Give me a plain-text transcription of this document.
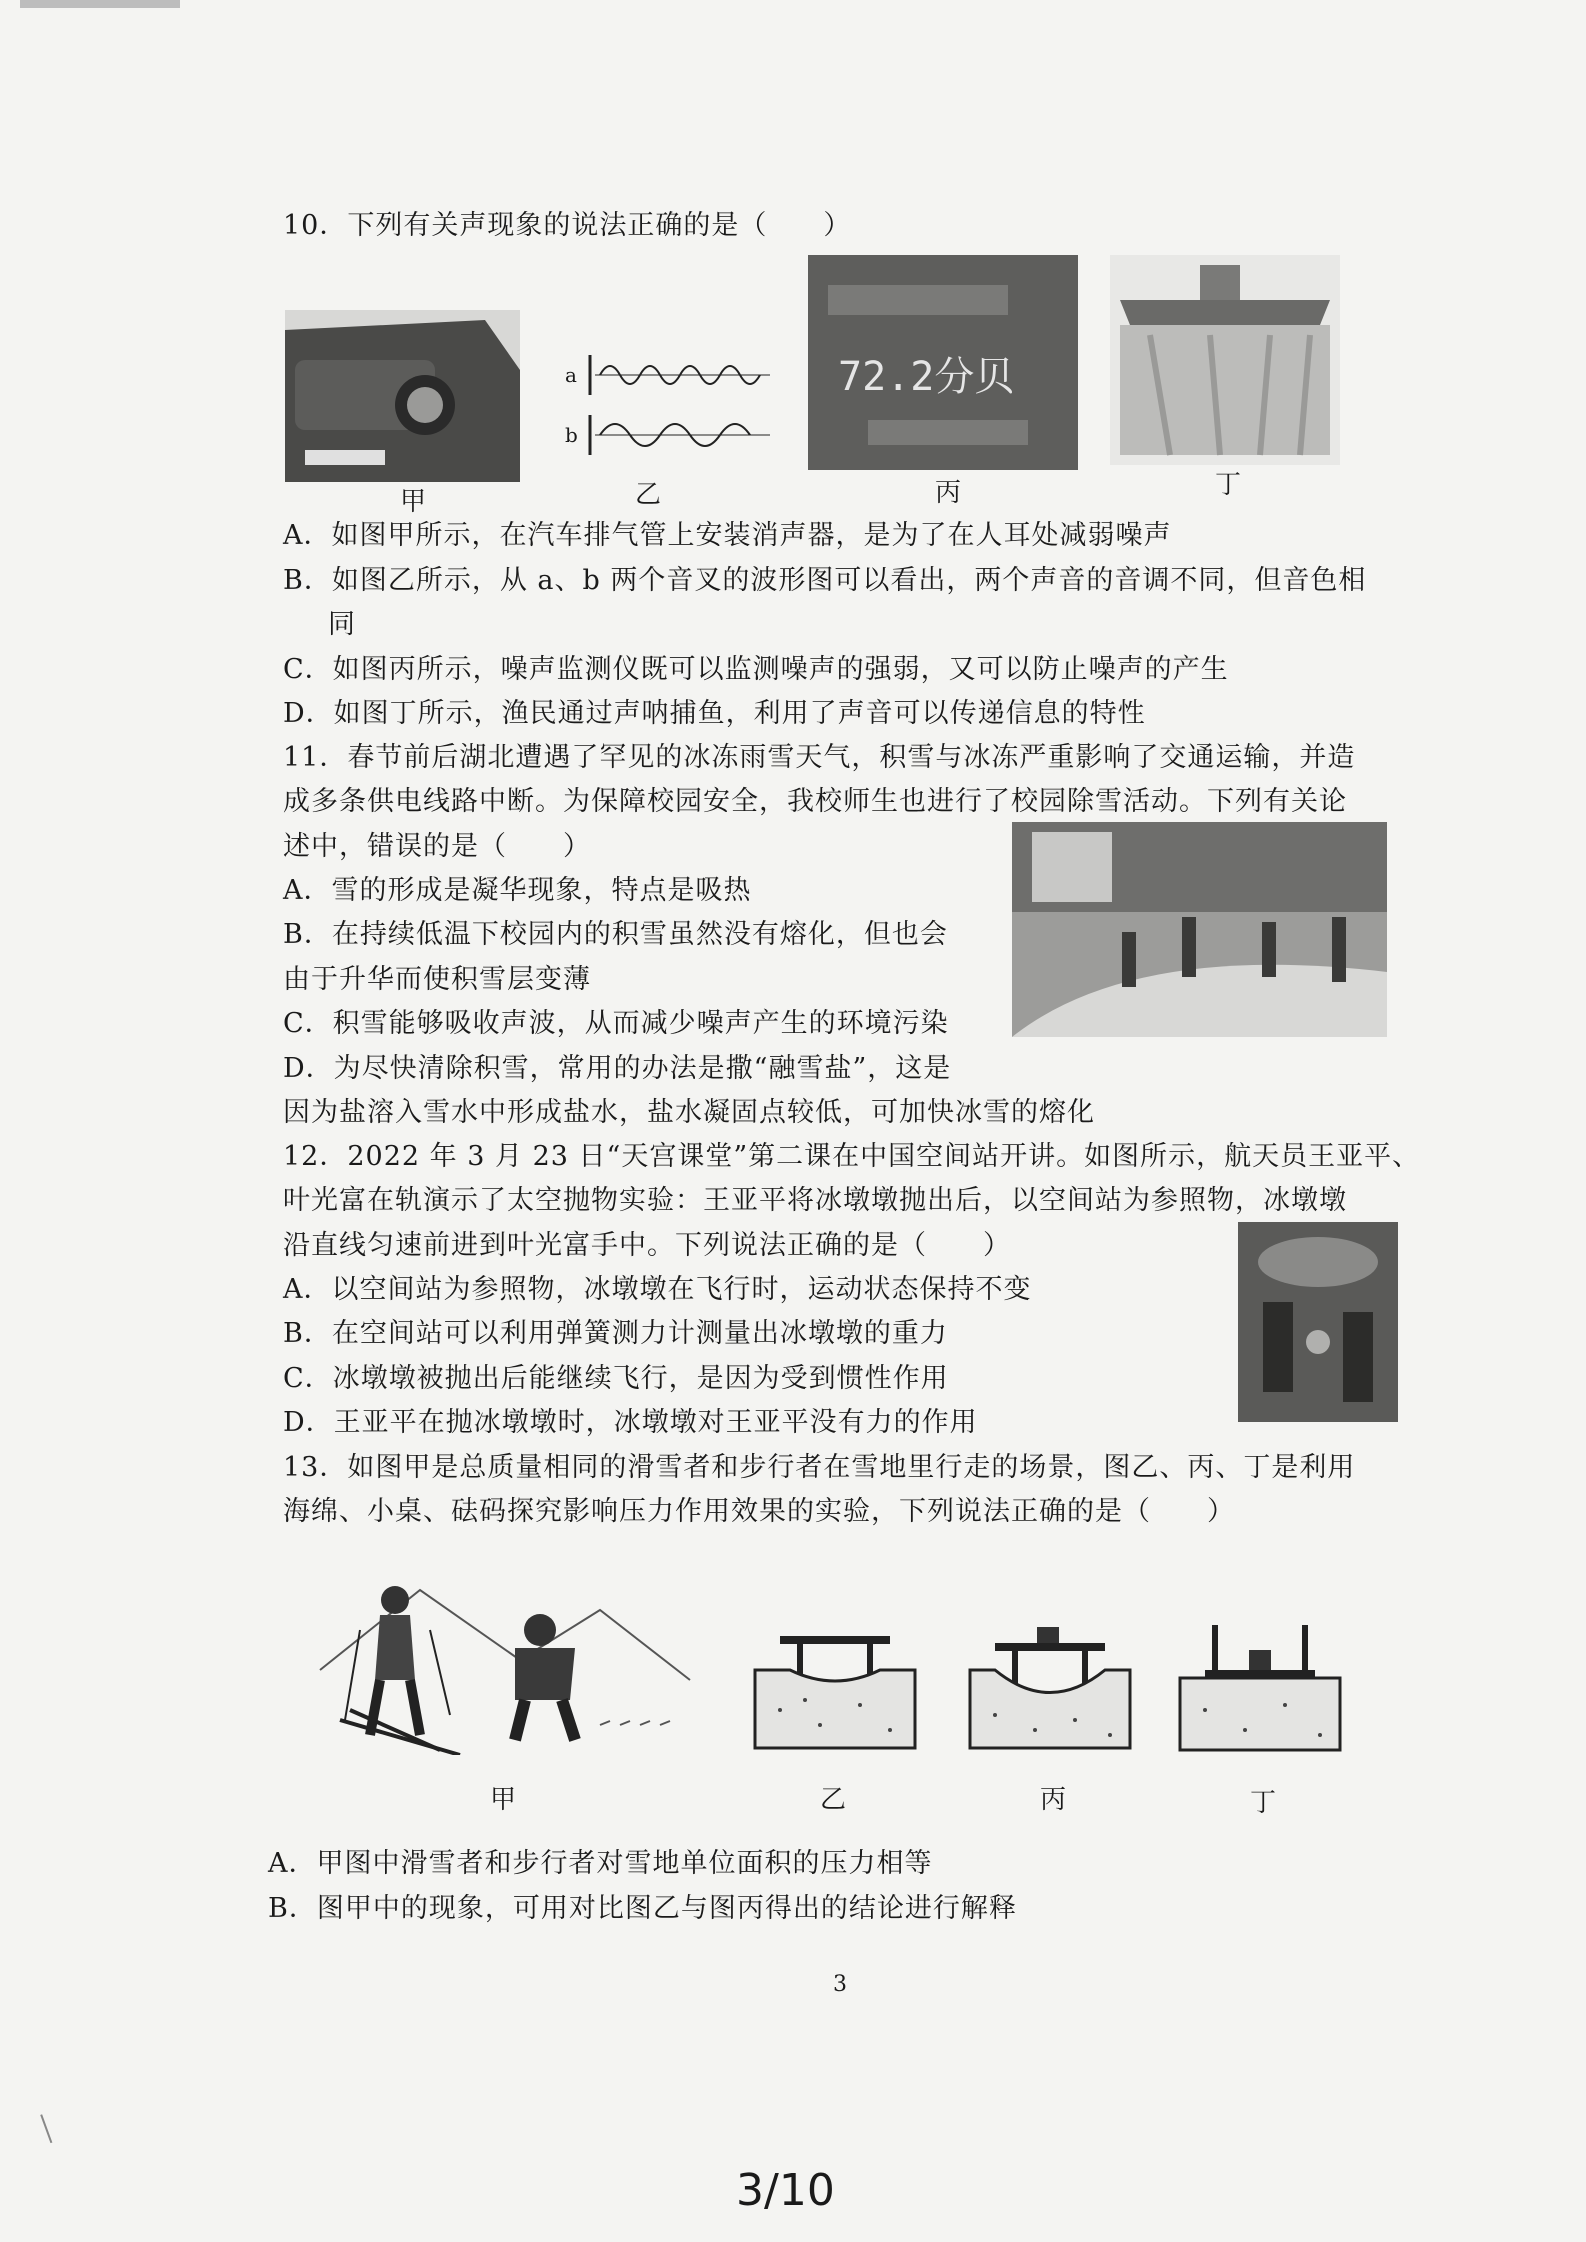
10．下列有关声现象的说法正确的是（　　）
a
b
72.2分贝
甲	乙	丙	丁
A．如图甲所示，在汽车排气管上安装消声器，是为了在人耳处减弱噪声
B．如图乙所示，从 a、b 两个音叉的波形图可以看出，两个声音的音调不同，但音色相
同
C．如图丙所示，噪声监测仪既可以监测噪声的强弱，又可以防止噪声的产生
D．如图丁所示，渔民通过声呐捕鱼，利用了声音可以传递信息的特性
11．春节前后湖北遭遇了罕见的冰冻雨雪天气，积雪与冰冻严重影响了交通运输，并造
成多条供电线路中断。为保障校园安全，我校师生也进行了校园除雪活动。下列有关论
述中，错误的是（　　）
A．雪的形成是凝华现象，特点是吸热
B．在持续低温下校园内的积雪虽然没有熔化，但也会
由于升华而使积雪层变薄
C．积雪能够吸收声波，从而减少噪声产生的环境污染
D．为尽快清除积雪，常用的办法是撒“融雪盐”，这是
因为盐溶入雪水中形成盐水，盐水凝固点较低，可加快冰雪的熔化
12．2022 年 3 月 23 日“天宫课堂”第二课在中国空间站开讲。如图所示，航天员王亚平、
叶光富在轨演示了太空抛物实验：王亚平将冰墩墩抛出后，以空间站为参照物，冰墩墩
沿直线匀速前进到叶光富手中。下列说法正确的是（　　）
A．以空间站为参照物，冰墩墩在飞行时，运动状态保持不变
B．在空间站可以利用弹簧测力计测量出冰墩墩的重力
C．冰墩墩被抛出后能继续飞行，是因为受到惯性作用
D．王亚平在抛冰墩墩时，冰墩墩对王亚平没有力的作用
13．如图甲是总质量相同的滑雪者和步行者在雪地里行走的场景，图乙、丙、丁是利用
海绵、小桌、砝码探究影响压力作用效果的实验，下列说法正确的是（　　）
甲	乙	丙	丁
A．甲图中滑雪者和步行者对雪地单位面积的压力相等
B．图甲中的现象，可用对比图乙与图丙得出的结论进行解释
3
3/10
